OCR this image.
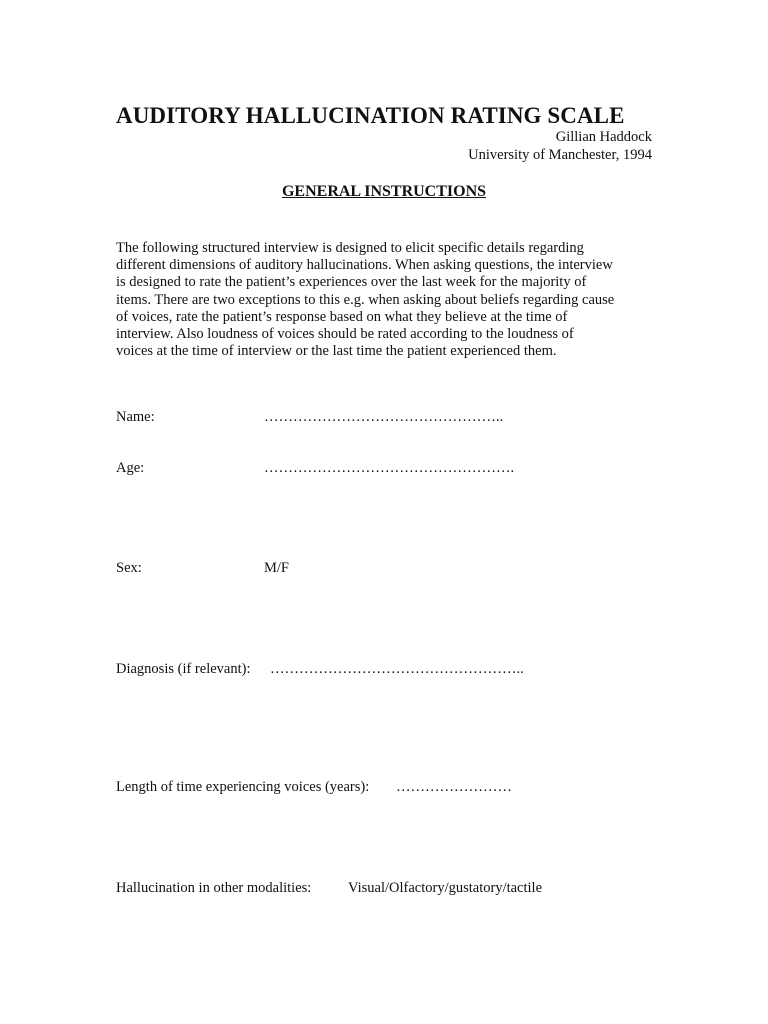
AUDITORY HALLUCINATION RATING SCALE
Gillian Haddock
University of Manchester, 1994
GENERAL INSTRUCTIONS
The following structured interview is designed to elicit specific details regarding
different dimensions of auditory hallucinations. When asking questions, the interview
is designed to rate the patient’s experiences over the last week for the majority of
items. There are two exceptions to this e.g. when asking about beliefs regarding cause
of voices, rate the patient’s response based on what they believe at the time of
interview. Also loudness of voices should be rated according to the loudness of
voices at the time of interview or the last time the patient experienced them.
Name:	…………………………………………..
Age:	…………………………………………….
Sex:	M/F
Diagnosis (if relevant): ……………………………………………..
Length of time experiencing voices (years): ……………………
Hallucination in other modalities:	Visual/Olfactory/gustatory/tactile
